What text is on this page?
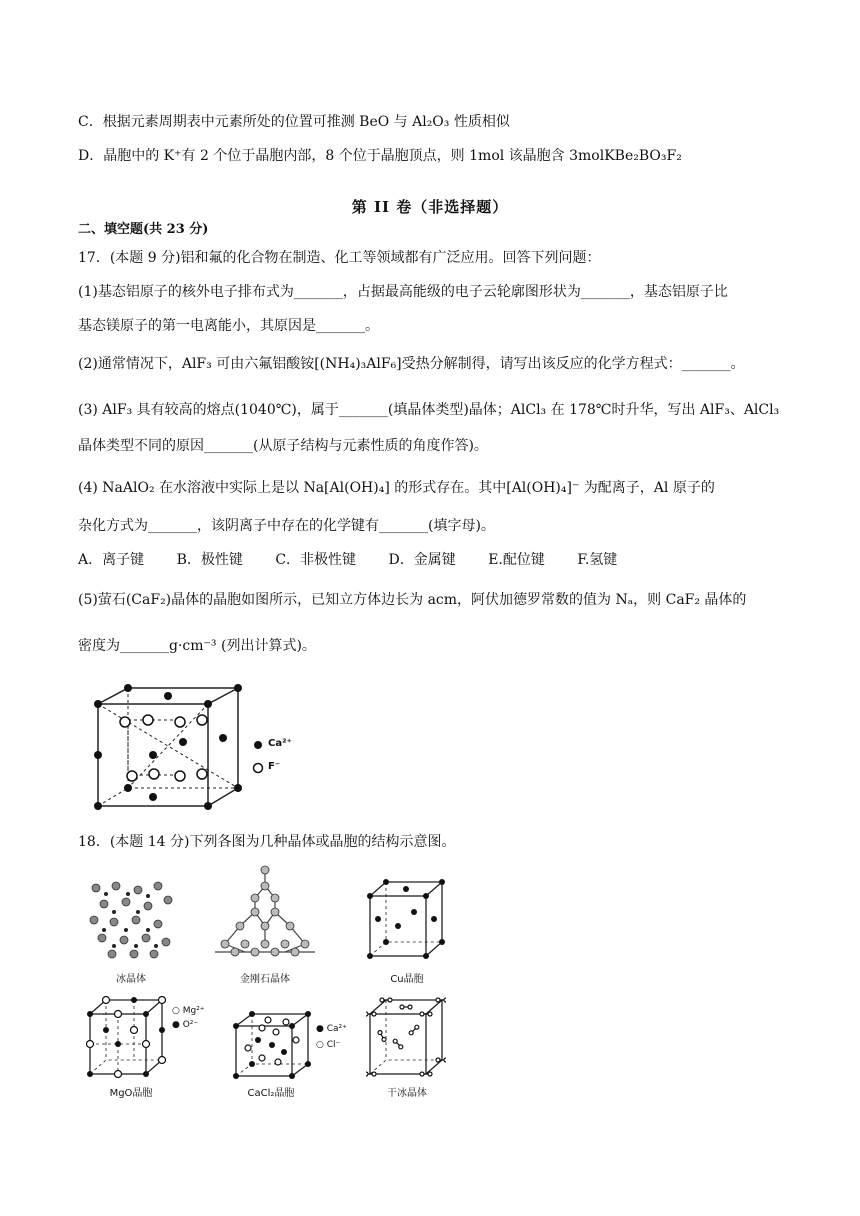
C．根据元素周期表中元素所处的位置可推测 BeO 与 Al₂O₃ 性质相似
D．晶胞中的 K⁺有 2 个位于晶胞内部，8 个位于晶胞顶点，则 1mol 该晶胞含 3molKBe₂BO₃F₂
第 II 卷（非选择题）
二、填空题(共 23 分)
17．(本题 9 分)铝和氟的化合物在制造、化工等领域都有广泛应用。回答下列问题：
(1)基态铝原子的核外电子排布式为_______，占据最高能级的电子云轮廓图形状为_______，基态铝原子比
基态镁原子的第一电离能小，其原因是_______。
(2)通常情况下，AlF₃ 可由六氟铝酸铵[(NH₄)₃AlF₆]受热分解制得，请写出该反应的化学方程式：_______。
(3) AlF₃ 具有较高的熔点(1040℃)，属于_______(填晶体类型)晶体；AlCl₃ 在 178℃时升华，写出 AlF₃、AlCl₃
晶体类型不同的原因_______(从原子结构与元素性质的角度作答)。
(4) NaAlO₂ 在水溶液中实际上是以 Na[Al(OH)₄] 的形式存在。其中[Al(OH)₄]⁻ 为配离子，Al 原子的
杂化方式为_______，该阴离子中存在的化学键有_______(填字母)。
A．离子键 B．极性键 C．非极性键 D．金属键 E.配位键 F.氢键
(5)萤石(CaF₂)晶体的晶胞如图所示，已知立方体边长为 acm，阿伏加德罗常数的值为 Nₐ，则 CaF₂ 晶体的
密度为_______g·cm⁻³ (列出计算式)。
Ca²⁺
F⁻
18．(本题 14 分)下列各图为几种晶体或晶胞的结构示意图。
冰晶体	金刚石晶体	Cu晶胞
○ Mg²⁺
● O²⁻
MgO晶胞
● Ca²⁺
○ Cl⁻
CaCl₂晶胞	干冰晶体
